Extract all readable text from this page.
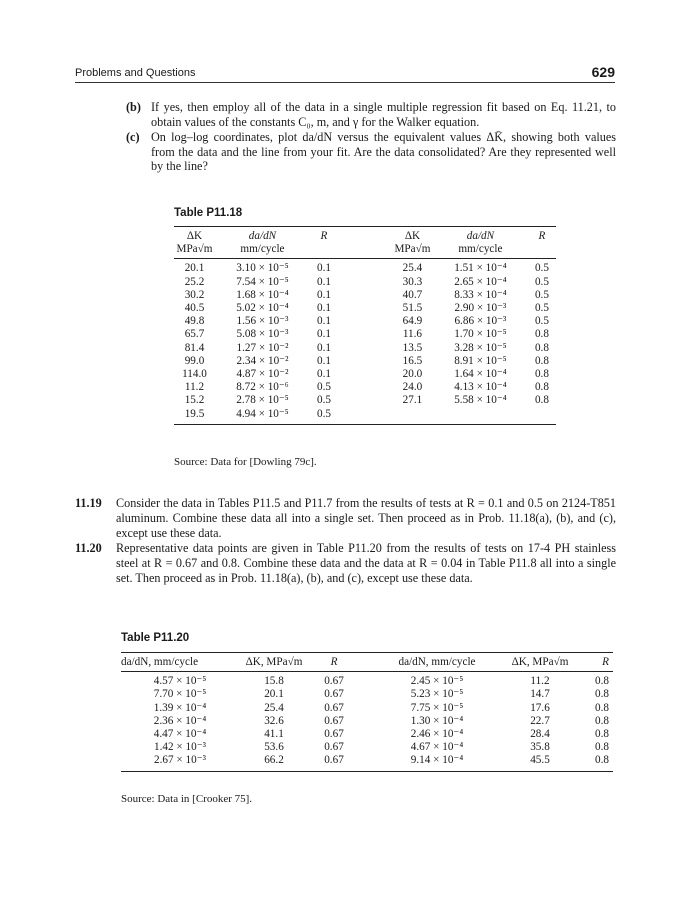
Problems and Questions	629
(b) If yes, then employ all of the data in a single multiple regression fit based on Eq. 11.21, to obtain values of the constants C₀, m, and γ for the Walker equation.
(c) On log–log coordinates, plot da/dN versus the equivalent values ΔK̄, showing both values from the data and the line from your fit. Are the data consolidated? Are they represented well by the line?
Table P11.18
ΔK	da/dN	R		ΔK	da/dN	R
MPa√m	mm/cycle			MPa√m	mm/cycle	
20.1	3.10 × 10⁻⁵	0.1		25.4	1.51 × 10⁻⁴	0.5
25.2	7.54 × 10⁻⁵	0.1		30.3	2.65 × 10⁻⁴	0.5
30.2	1.68 × 10⁻⁴	0.1		40.7	8.33 × 10⁻⁴	0.5
40.5	5.02 × 10⁻⁴	0.1		51.5	2.90 × 10⁻³	0.5
49.8	1.56 × 10⁻³	0.1		64.9	6.86 × 10⁻³	0.5
65.7	5.08 × 10⁻³	0.1		11.6	1.70 × 10⁻⁵	0.8
81.4	1.27 × 10⁻²	0.1		13.5	3.28 × 10⁻⁵	0.8
99.0	2.34 × 10⁻²	0.1		16.5	8.91 × 10⁻⁵	0.8
114.0	4.87 × 10⁻²	0.1		20.0	1.64 × 10⁻⁴	0.8
11.2	8.72 × 10⁻⁶	0.5		24.0	4.13 × 10⁻⁴	0.8
15.2	2.78 × 10⁻⁵	0.5		27.1	5.58 × 10⁻⁴	0.8
19.5	4.94 × 10⁻⁵	0.5				
Source: Data for [Dowling 79c].
11.19 Consider the data in Tables P11.5 and P11.7 from the results of tests at R = 0.1 and 0.5 on 2124-T851 aluminum. Combine these data all into a single set. Then proceed as in Prob. 11.18(a), (b), and (c), except use these data.
11.20 Representative data points are given in Table P11.20 from the results of tests on 17-4 PH stainless steel at R = 0.67 and 0.8. Combine these data and the data at R = 0.04 in Table P11.8 all into a single set. Then proceed as in Prob. 11.18(a), (b), and (c), except use these data.
Table P11.20
da/dN, mm/cycle	ΔK, MPa√m	R		da/dN, mm/cycle	ΔK, MPa√m	R
4.57 × 10⁻⁵	15.8	0.67		2.45 × 10⁻⁵	11.2	0.8
7.70 × 10⁻⁵	20.1	0.67		5.23 × 10⁻⁵	14.7	0.8
1.39 × 10⁻⁴	25.4	0.67		7.75 × 10⁻⁵	17.6	0.8
2.36 × 10⁻⁴	32.6	0.67		1.30 × 10⁻⁴	22.7	0.8
4.47 × 10⁻⁴	41.1	0.67		2.46 × 10⁻⁴	28.4	0.8
1.42 × 10⁻³	53.6	0.67		4.67 × 10⁻⁴	35.8	0.8
2.67 × 10⁻³	66.2	0.67		9.14 × 10⁻⁴	45.5	0.8
Source: Data in [Crooker 75].
